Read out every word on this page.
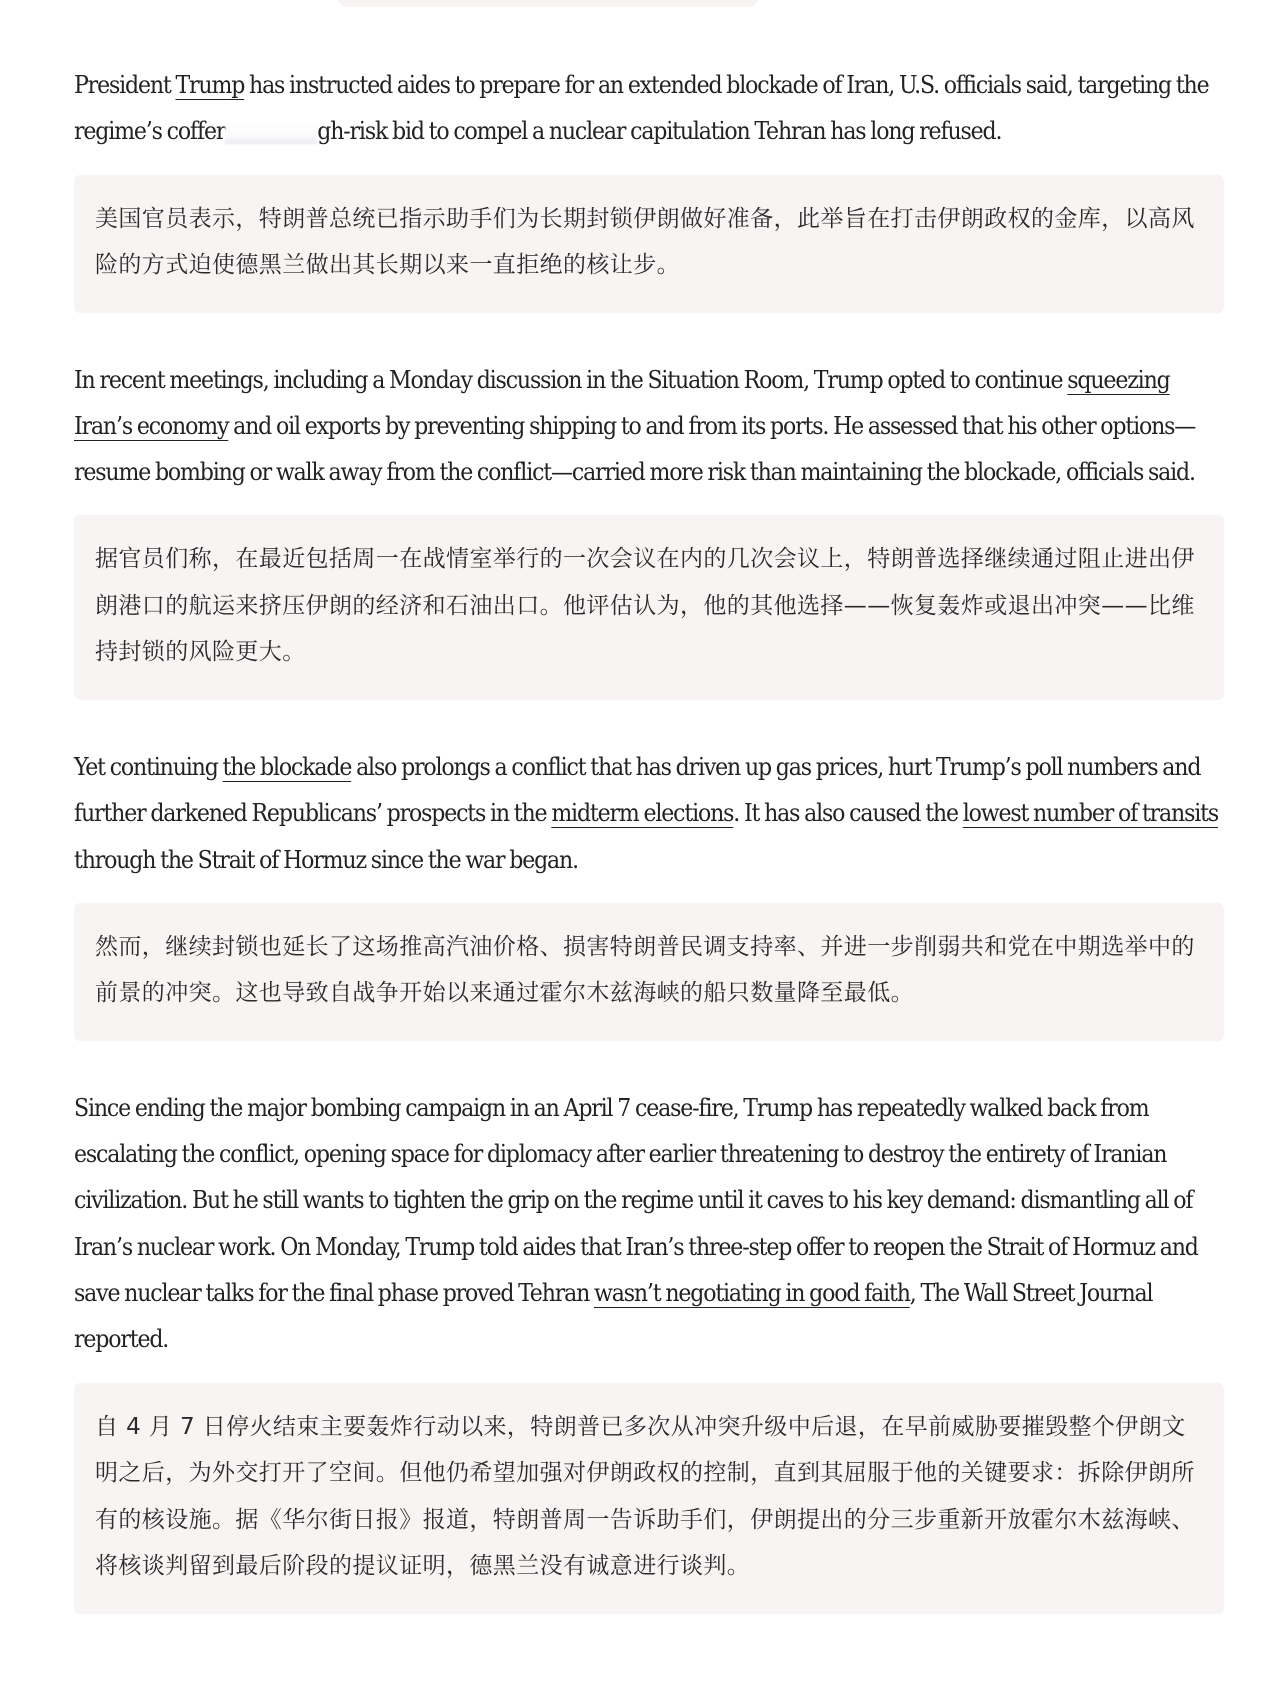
President Trump has instructed aides to prepare for an extended blockade of Iran, U.S. officials said, targeting the regime’s coffer	gh-risk bid to compel a nuclear capitulation Tehran has long refused.

美国官员表示，特朗普总统已指示助手们为长期封锁伊朗做好准备，此举旨在打击伊朗政权的金库，以高风险的方式迫使德黑兰做出其长期以来一直拒绝的核让步。

In recent meetings, including a Monday discussion in the Situation Room, Trump opted to continue squeezing Iran’s economy and oil exports by preventing shipping to and from its ports. He assessed that his other options—resume bombing or walk away from the conflict—carried more risk than maintaining the blockade, officials said.

据官员们称，在最近包括周一在战情室举行的一次会议在内的几次会议上，特朗普选择继续通过阻止进出伊朗港口的航运来挤压伊朗的经济和石油出口。他评估认为，他的其他选择——恢复轰炸或退出冲突——比维持封锁的风险更大。

Yet continuing the blockade also prolongs a conflict that has driven up gas prices, hurt Trump’s poll numbers and further darkened Republicans’ prospects in the midterm elections. It has also caused the lowest number of transits through the Strait of Hormuz since the war began.

然而，继续封锁也延长了这场推高汽油价格、损害特朗普民调支持率、并进一步削弱共和党在中期选举中的前景的冲突。这也导致自战争开始以来通过霍尔木兹海峡的船只数量降至最低。

Since ending the major bombing campaign in an April 7 cease-fire, Trump has repeatedly walked back from escalating the conflict, opening space for diplomacy after earlier threatening to destroy the entirety of Iranian civilization. But he still wants to tighten the grip on the regime until it caves to his key demand: dismantling all of Iran’s nuclear work. On Monday, Trump told aides that Iran’s three-step offer to reopen the Strait of Hormuz and save nuclear talks for the final phase proved Tehran wasn’t negotiating in good faith, The Wall Street Journal reported.

自 4 月 7 日停火结束主要轰炸行动以来，特朗普已多次从冲突升级中后退，在早前威胁要摧毁整个伊朗文明之后，为外交打开了空间。但他仍希望加强对伊朗政权的控制，直到其屈服于他的关键要求：拆除伊朗所有的核设施。据《华尔街日报》报道，特朗普周一告诉助手们，伊朗提出的分三步重新开放霍尔木兹海峡、将核谈判留到最后阶段的提议证明，德黑兰没有诚意进行谈判。
